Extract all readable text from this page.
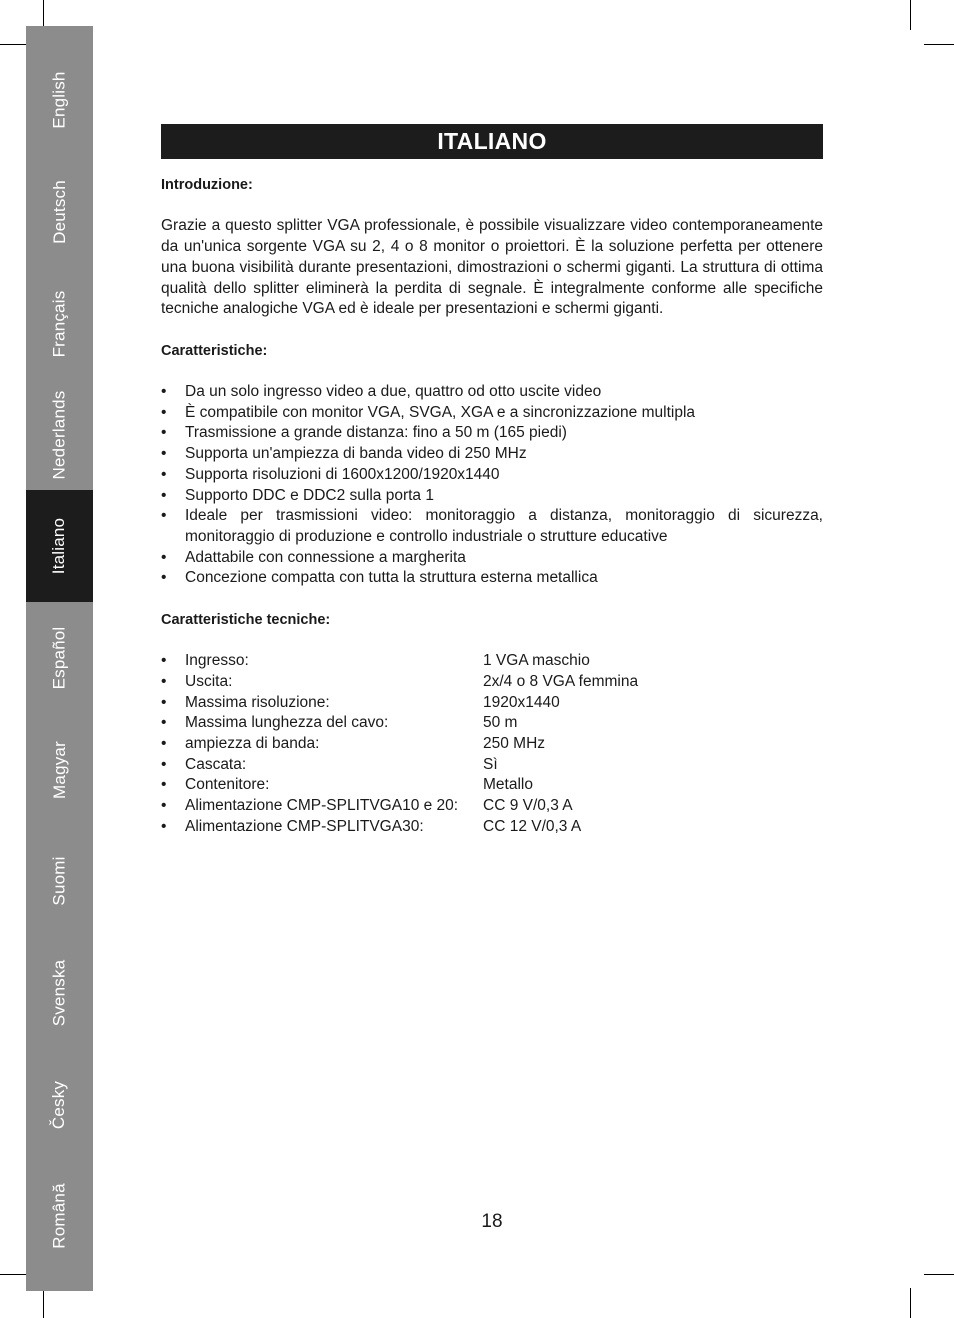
English
Deutsch
Français
Nederlands
Italiano
Español
Magyar
Suomi
Svenska
Česky
Română
ITALIANO

Introduzione:

Grazie a questo splitter VGA professionale, è possibile visualizzare video contemporaneamente da un'unica sorgente VGA su 2, 4 o 8 monitor o proiettori. È la soluzione perfetta per ottenere una buona visibilità durante presentazioni, dimostrazioni o schermi giganti. La struttura di ottima qualità dello splitter eliminerà la perdita di segnale. È integralmente conforme alle specifiche tecniche analogiche VGA ed è ideale per presentazioni e schermi giganti.

Caratteristiche:

• Da un solo ingresso video a due, quattro od otto uscite video
• È compatibile con monitor VGA, SVGA, XGA e a sincronizzazione multipla
• Trasmissione a grande distanza: fino a 50 m (165 piedi)
• Supporta un'ampiezza di banda video di 250 MHz
• Supporta risoluzioni di 1600x1200/1920x1440
• Supporto DDC e DDC2 sulla porta 1
• Ideale per trasmissioni video: monitoraggio a distanza, monitoraggio di sicurezza, monitoraggio di produzione e controllo industriale o strutture educative
• Adattabile con connessione a margherita
• Concezione compatta con tutta la struttura esterna metallica

Caratteristiche tecniche:

• Ingresso:	1 VGA maschio
• Uscita:	2x/4 o 8 VGA femmina
• Massima risoluzione:	1920x1440
• Massima lunghezza del cavo:	50 m
• ampiezza di banda:	250 MHz
• Cascata:	Sì
• Contenitore:	Metallo
• Alimentazione CMP-SPLITVGA10 e 20:	CC 9 V/0,3 A
• Alimentazione CMP-SPLITVGA30:	CC 12 V/0,3 A
18
